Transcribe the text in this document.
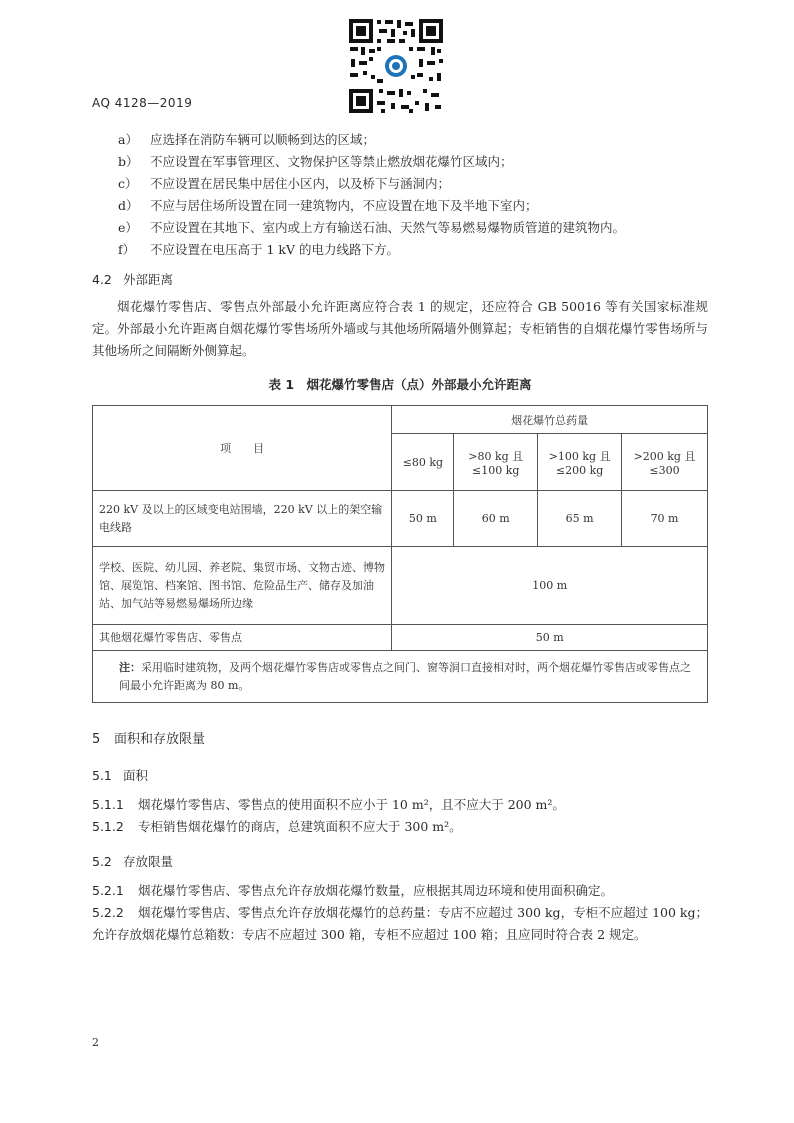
AQ 4128—2019
a） 应选择在消防车辆可以顺畅到达的区域；
b） 不应设置在军事管理区、文物保护区等禁止燃放烟花爆竹区域内；
c） 不应设置在居民集中居住小区内，以及桥下与涵洞内；
d） 不应与居住场所设置在同一建筑物内，不应设置在地下及半地下室内；
e） 不应设置在其地下、室内或上方有输送石油、天然气等易燃易爆物质管道的建筑物内。
f） 不应设置在电压高于 1 kV 的电力线路下方。
4.2 外部距离

烟花爆竹零售店、零售点外部最小允许距离应符合表 1 的规定，还应符合 GB 50016 等有关国家标准规定。外部最小允许距离自烟花爆竹零售场所外墙或与其他场所隔墙外侧算起；专柜销售的自烟花爆竹零售场所与其他场所之间隔断外侧算起。

表 1　烟花爆竹零售店（点）外部最小允许距离
项　　目	烟花爆竹总药量			
	≤80 kg	>80 kg 且 ≤100 kg	>100 kg 且 ≤200 kg	>200 kg 且 ≤300
220 kV 及以上的区域变电站围墙，220 kV 以上的架空输电线路	50 m	60 m	65 m	70 m
学校、医院、幼儿园、养老院、集贸市场、文物古迹、博物馆、展览馆、档案馆、图书馆、危险品生产、储存及加油站、加气站等易燃易爆场所边缘	100 m			
其他烟花爆竹零售店、零售点	50 m			
注：采用临时建筑物，及两个烟花爆竹零售店或零售点之间门、窗等洞口直接相对时，两个烟花爆竹零售店或零售点之间最小允许距离为 80 m。				
5 面积和存放限量
5.1 面积

5.1.1 烟花爆竹零售店、零售点的使用面积不应小于 10 m²，且不应大于 200 m²。

5.1.2 专柜销售烟花爆竹的商店，总建筑面积不应大于 300 m²。

5.2 存放限量

5.2.1 烟花爆竹零售店、零售点允许存放烟花爆竹数量，应根据其周边环境和使用面积确定。

5.2.2 烟花爆竹零售店、零售点允许存放烟花爆竹的总药量：专店不应超过 300 kg，专柜不应超过 100 kg；允许存放烟花爆竹总箱数：专店不应超过 300 箱，专柜不应超过 100 箱；且应同时符合表 2 规定。

2
